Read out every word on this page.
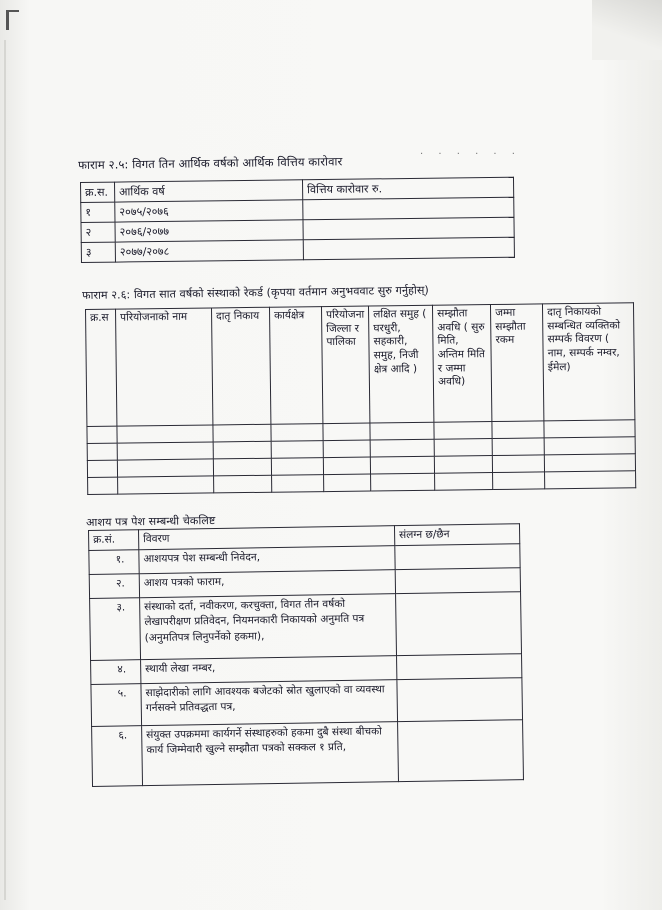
. . . . . .
फाराम २.५: विगत तिन आर्थिक वर्षको आर्थिक वित्तिय कारोवार
क्र.स.	आर्थिक वर्ष	वित्तिय कारोवार रु.
१	२०७५/२०७६	
२	२०७६/२०७७	
३	२०७७/२०७८	
फाराम २.६: विगत सात वर्षको संस्थाको रेकर्ड (कृपया वर्तमान अनुभववाट सुरु गर्नुहोस्)
क्र.स	परियोजनाको नाम	दातृ निकाय	कार्यक्षेत्र	परियोजना जिल्ला र पालिका	लक्षित समुह ( घरधुरी, सहकारी, समुह, निजी क्षेत्र आदि )	सम्झौता अवधि ( सुरु मिति, अन्तिम मिति र जम्मा अवधि)	जम्मा सम्झौता रकम	दातृ निकायको सम्बन्धित व्यक्तिको सम्पर्क विवरण ( नाम, सम्पर्क नम्वर, ईमेल)

आशय पत्र पेश सम्बन्धी चेकलिष्ट
क्र.सं.	विवरण	संलग्न छ/छैन
१.	आशयपत्र पेश सम्बन्धी निवेदन,	
२.	आशय पत्रको फाराम,	
३.	संस्थाको दर्ता, नवीकरण, करचुक्ता, विगत तीन वर्षको लेखापरीक्षण प्रतिवेदन, नियमनकारी निकायको अनुमति पत्र (अनुमतिपत्र लिनुपर्नेको हकमा),	
४.	स्थायी लेखा नम्बर,	
५.	साझेदारीको लागि आवश्यक बजेटको स्रोत खुलाएको वा व्यवस्था गर्नसक्ने प्रतिवद्धता पत्र,	
६.	संयुक्त उपक्रममा कार्यगर्ने संस्थाहरुको हकमा दुबै संस्था बीचको कार्य जिम्मेवारी खुल्ने सम्झौता पत्रको सक्कल १ प्रति,	
